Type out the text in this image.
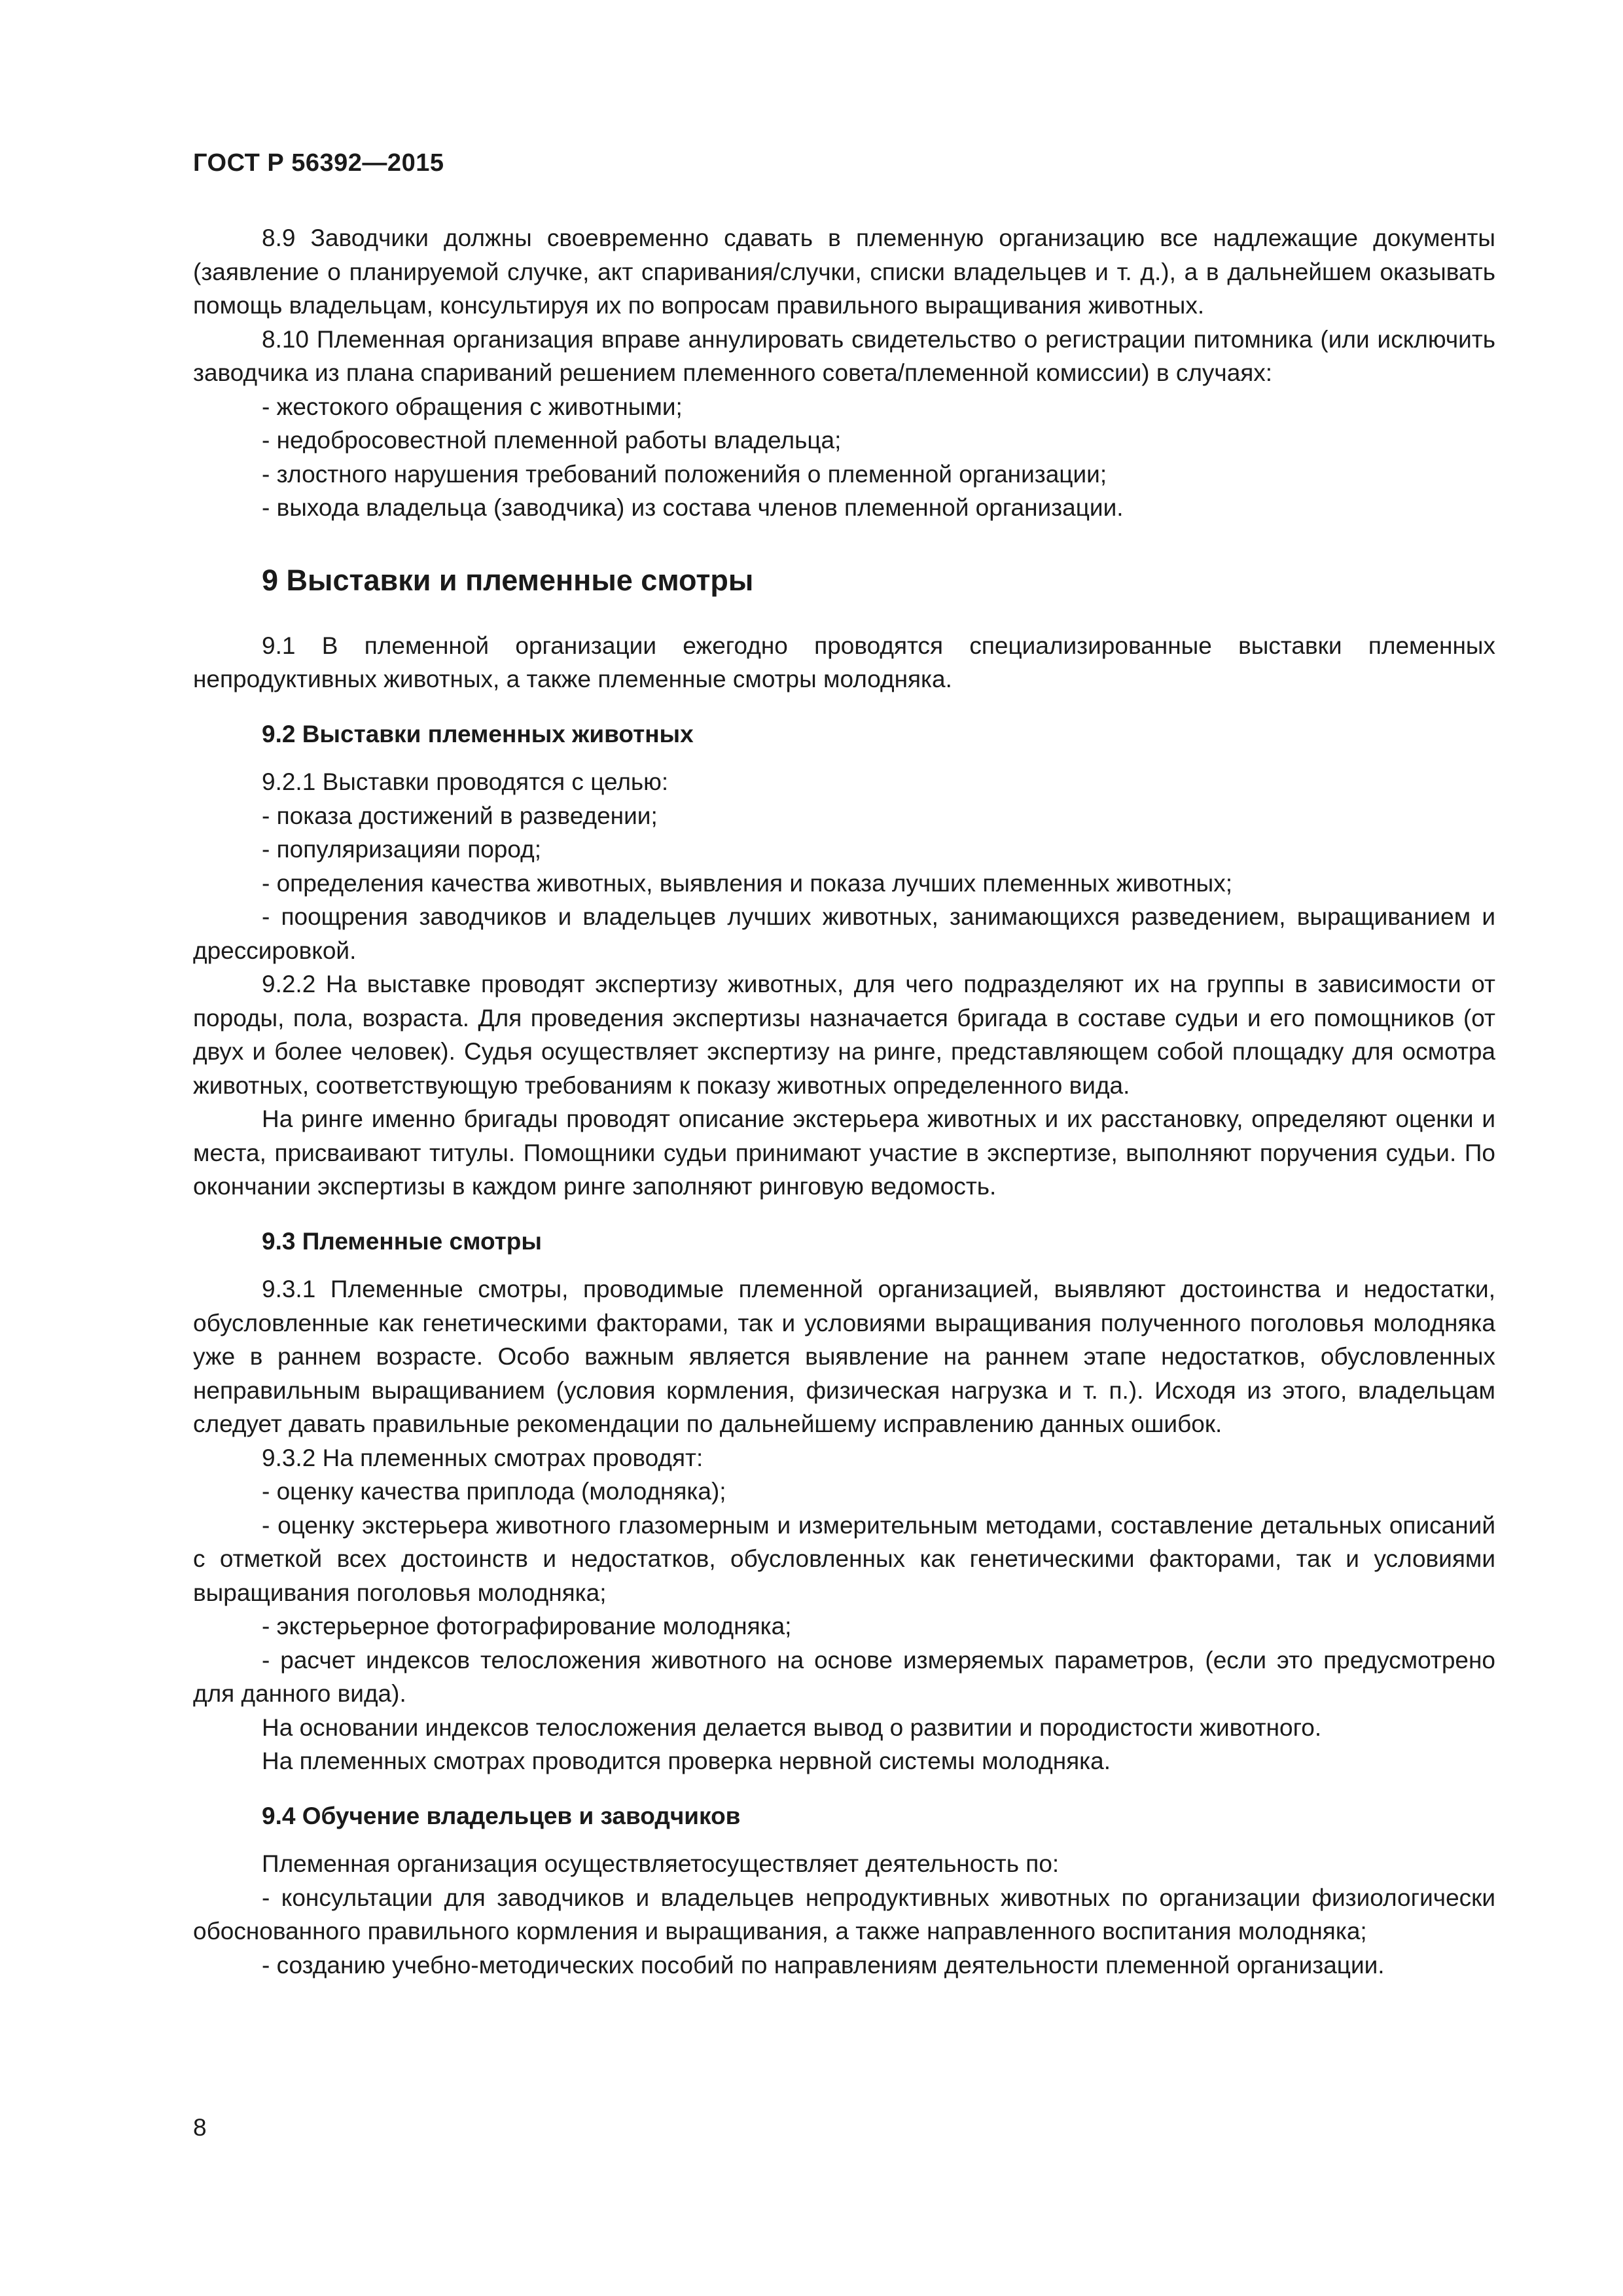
ГОСТ Р 56392—2015

8.9 Заводчики должны своевременно сдавать в племенную организацию все надлежащие документы (заявление о планируемой случке, акт спаривания/случки, списки владельцев и т. д.), а в дальнейшем оказывать помощь владельцам, консультируя их по вопросам правильного выращивания животных.

8.10 Племенная организация вправе аннулировать свидетельство о регистрации питомника (или исключить заводчика из плана спариваний решением племенного совета/племенной комиссии) в случаях:

- жестокого обращения с животными;

- недобросовестной племенной работы владельца;

- злостного нарушения требований положенийя о племенной организации;

- выхода владельца (заводчика) из состава членов племенной организации.

9 Выставки и племенные смотры

9.1 В племенной организации ежегодно проводятся специализированные выставки племенных непродуктивных животных, а также племенные смотры молодняка.

9.2 Выставки племенных животных

9.2.1 Выставки проводятся с целью:

- показа достижений в разведении;

- популяризацияи пород;

- определения качества животных, выявления и показа лучших племенных животных;

- поощрения заводчиков и владельцев лучших животных, занимающихся разведением, выращиванием и дрессировкой.

9.2.2 На выставке проводят экспертизу животных, для чего подразделяют их на группы в зависимости от породы, пола, возраста. Для проведения экспертизы назначается бригада в составе судьи и его помощников (от двух и более человек). Судья осуществляет экспертизу на ринге, представляющем собой площадку для осмотра животных, соответствующую требованиям к показу животных определенного вида.

На ринге именно бригады проводят описание экстерьера животных и их расстановку, определяют оценки и места, присваивают титулы. Помощники судьи принимают участие в экспертизе, выполняют поручения судьи. По окончании экспертизы в каждом ринге заполняют ринговую ведомость.

9.3 Племенные смотры

9.3.1 Племенные смотры, проводимые племенной организацией, выявляют достоинства и недостатки, обусловленные как генетическими факторами, так и условиями выращивания полученного поголовья молодняка уже в раннем возрасте. Особо важным является выявление на раннем этапе недостатков, обусловленных неправильным выращиванием (условия кормления, физическая нагрузка и т. п.). Исходя из этого, владельцам следует давать правильные рекомендации по дальнейшему исправлению данных ошибок.

9.3.2 На племенных смотрах проводят:

- оценку качества приплода (молодняка);

- оценку экстерьера животного глазомерным и измерительным методами, составление детальных описаний с отметкой всех достоинств и недостатков, обусловленных как генетическими факторами, так и условиями выращивания поголовья молодняка;

- экстерьерное фотографирование молодняка;

- расчет индексов телосложения животного на основе измеряемых параметров, (если это предусмотрено для данного вида).

На основании индексов телосложения делается вывод о развитии и породистости животного.

На племенных смотрах проводится проверка нервной системы молодняка.

9.4 Обучение владельцев и заводчиков

Племенная организация осуществляетосуществляет деятельность по:

- консультации для заводчиков и владельцев непродуктивных животных по организации физиологически обоснованного правильного кормления и выращивания, а также направленного воспитания молодняка;

- созданию учебно-методических пособий по направлениям деятельности племенной организации.

8
